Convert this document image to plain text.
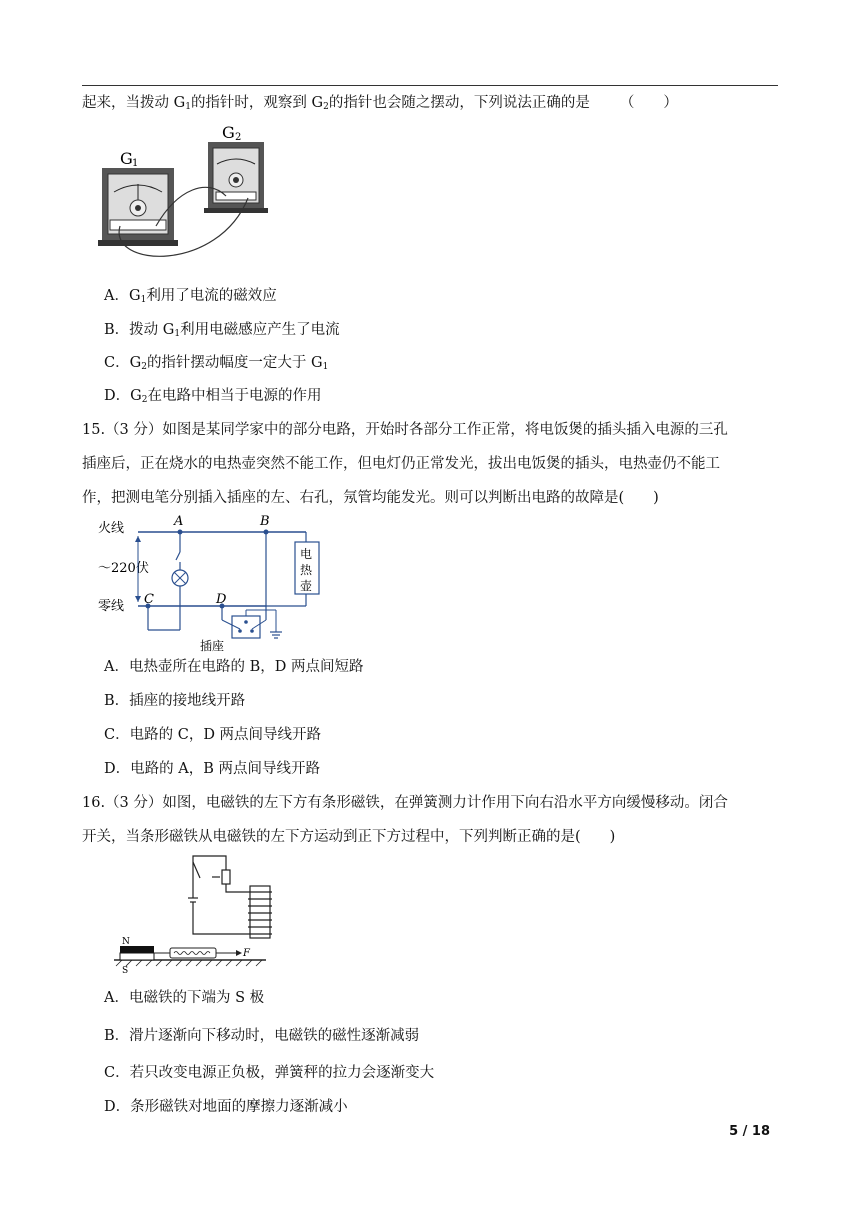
起来，当拨动 $G_1$的指针时，观察到 $G_2$的指针也会随之摆动，下列说法正确的是 （　　）
G 1
G 2
A．$G_1$利用了电流的磁效应
B．拨动 $G_1$利用电磁感应产生了电流
C．$G_2$的指针摆动幅度一定大于 $G_1$
D．$G_2$在电路中相当于电源的作用
15.（3 分）如图是某同学家中的部分电路，开始时各部分工作正常，将电饭煲的插头插入电源的三孔
插座后，正在烧水的电热壶突然不能工作，但电灯仍正常发光，拔出电饭煲的插头，电热壶仍不能工
作，把测电笔分别插入插座的左、右孔，氖管均能发光。则可以判断出电路的故障是(　　)
火线
～220伏
零线
A	B
C	D
电
热
壶
插座
A．电热壶所在电路的 B，D 两点间短路
B．插座的接地线开路
C．电路的 C，D 两点间导线开路
D．电路的 A，B 两点间导线开路
16.（3 分）如图，电磁铁的左下方有条形磁铁，在弹簧测力计作用下向右沿水平方向缓慢移动。闭合
开关，当条形磁铁从电磁铁的左下方运动到正下方过程中，下列判断正确的是(　　)
N
S
F
A．电磁铁的下端为 S 极
B．滑片逐渐向下移动时，电磁铁的磁性逐渐减弱
C．若只改变电源正负极，弹簧秤的拉力会逐渐变大
D．条形磁铁对地面的摩擦力逐渐减小
5 / 18
